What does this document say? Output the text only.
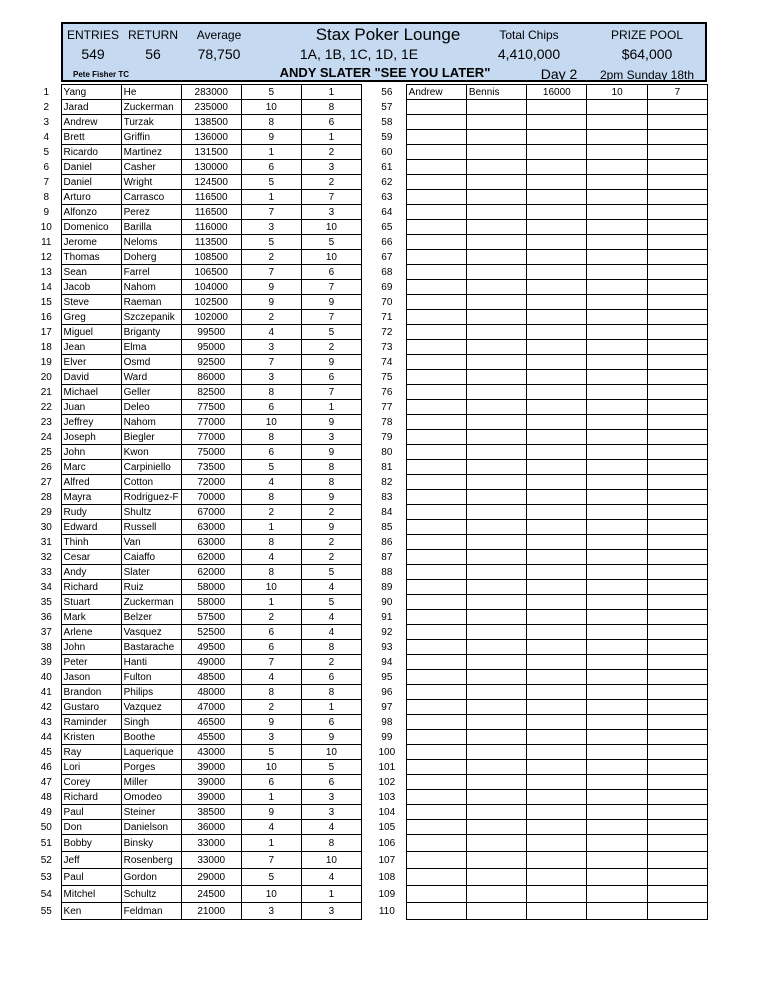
ENTRIES
549
RETURN
56
Average
78,750
Stax Poker Lounge
1A, 1B, 1C, 1D, 1E
Total Chips
4,410,000
PRIZE POOL
$64,000
Pete Fisher TC	ANDY SLATER "SEE YOU LATER"	Day 2 2pm Sunday 18th
1	Yang	He	283000	5	1
2	Jarad	Zuckerman	235000	10	8
3	Andrew	Turzak	138500	8	6
4	Brett	Griffin	136000	9	1
5	Ricardo	Martinez	131500	1	2
6	Daniel	Casher	130000	6	3
7	Daniel	Wright	124500	5	2
8	Arturo	Carrasco	116500	1	7
9	Alfonzo	Perez	116500	7	3
10	Domenico	Barilla	116000	3	10
11	Jerome	Neloms	113500	5	5
12	Thomas	Doherg	108500	2	10
13	Sean	Farrel	106500	7	6
14	Jacob	Nahom	104000	9	7
15	Steve	Raeman	102500	9	9
16	Greg	Szczepanik	102000	2	7
17	Miguel	Briganty	99500	4	5
18	Jean	Elma	95000	3	2
19	Elver	Osmd	92500	7	9
20	David	Ward	86000	3	6
21	Michael	Geller	82500	8	7
22	Juan	Deleo	77500	6	1
23	Jeffrey	Nahom	77000	10	9
24	Joseph	Biegler	77000	8	3
25	John	Kwon	75000	6	9
26	Marc	Carpiniello	73500	5	8
27	Alfred	Cotton	72000	4	8
28	Mayra	Rodriguez-F	70000	8	9
29	Rudy	Shultz	67000	2	2
30	Edward	Russell	63000	1	9
31	Thinh	Van	63000	8	2
32	Cesar	Caiaffo	62000	4	2
33	Andy	Slater	62000	8	5
34	Richard	Ruiz	58000	10	4
35	Stuart	Zuckerman	58000	1	5
36	Mark	Belzer	57500	2	4
37	Arlene	Vasquez	52500	6	4
38	John	Bastarache	49500	6	8
39	Peter	Hanti	49000	7	2
40	Jason	Fulton	48500	4	6
41	Brandon	Philips	48000	8	8
42	Gustaro	Vazquez	47000	2	1
43	Raminder	Singh	46500	9	6
44	Kristen	Boothe	45500	3	9
45	Ray	Laquerique	43000	5	10
46	Lori	Porges	39000	10	5
47	Corey	Miller	39000	6	6
48	Richard	Omodeo	39000	1	3
49	Paul	Steiner	38500	9	3
50	Don	Danielson	36000	4	4
51	Bobby	Binsky	33000	1	8
52	Jeff	Rosenberg	33000	7	10
53	Paul	Gordon	29000	5	4
54	Mitchel	Schultz	24500	10	1
55	Ken	Feldman	21000	3	3
56	Andrew	Bennis	16000	10	7
57					
58					
59					
60					
61					
62					
63					
64					
65					
66					
67					
68					
69					
70					
71					
72					
73					
74					
75					
76					
77					
78					
79					
80					
81					
82					
83					
84					
85					
86					
87					
88					
89					
90					
91					
92					
93					
94					
95					
96					
97					
98					
99					
100					
101					
102					
103					
104					
105					
106					
107					
108					
109					
110					
